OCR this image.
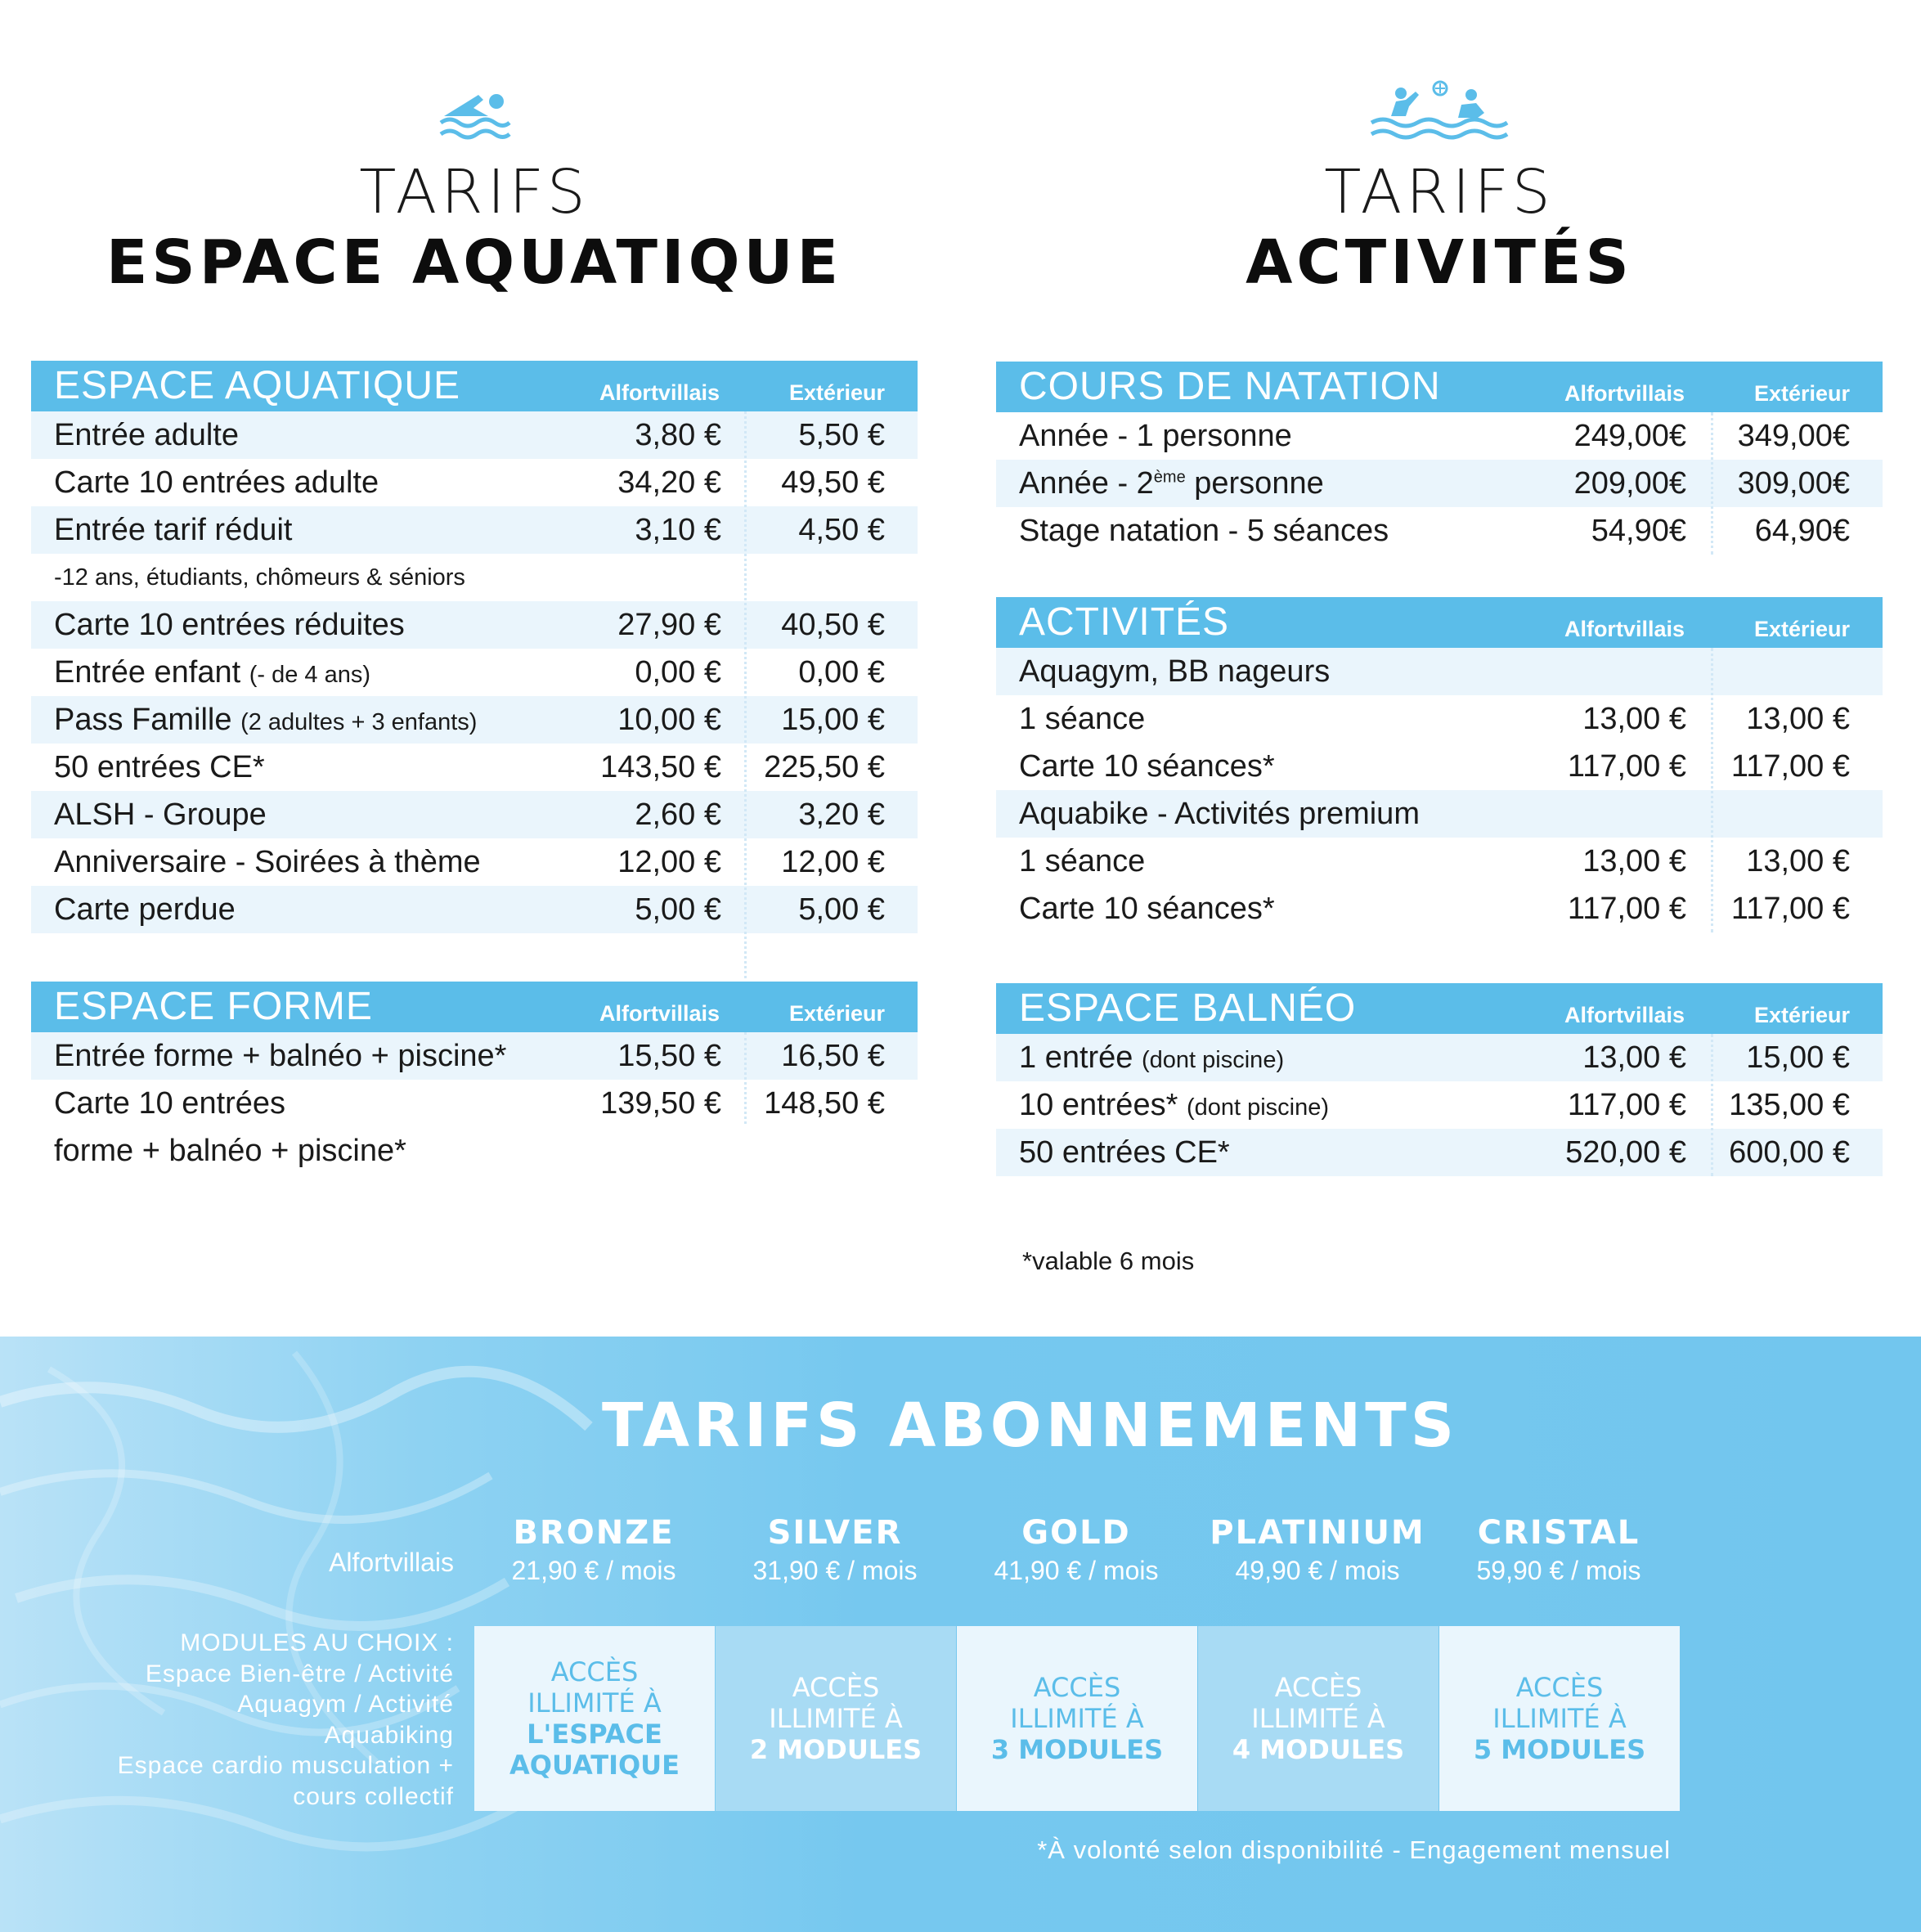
TARIFS
ESPACE AQUATIQUE
TARIFS
ACTIVITÉS
ESPACE AQUATIQUE	Alfortvillais	Extérieur
Entrée adulte	3,80 € 5,50 €
Carte 10 entrées adulte	34,20 € 49,50 €
Entrée tarif réduit	3,10 € 4,50 €
-12 ans, étudiants, chômeurs & séniors
Carte 10 entrées réduites	27,90 € 40,50 €
Entrée enfant (- de 4 ans)	0,00 € 0,00 €
Pass Famille (2 adultes + 3 enfants)	10,00 € 15,00 €
50 entrées CE*	143,50 € 225,50 €
ALSH - Groupe	2,60 € 3,20 €
Anniversaire - Soirées à thème	12,00 € 12,00 €
Carte perdue	5,00 € 5,00 €
ESPACE FORME	Alfortvillais	Extérieur
Entrée forme + balnéo + piscine*	15,50 € 16,50 €
Carte 10 entrées	139,50 € 148,50 €
forme + balnéo + piscine*
COURS DE NATATION	Alfortvillais	Extérieur
Année - 1 personne	249,00€ 349,00€
Année - 2ème personne	209,00€ 309,00€
Stage natation - 5 séances	54,90€ 64,90€
ACTIVITÉS	Alfortvillais	Extérieur
Aquagym, BB nageurs
1 séance	13,00 € 13,00 €
Carte 10 séances*	117,00 € 117,00 €
Aquabike - Activités premium
1 séance	13,00 € 13,00 €
Carte 10 séances*	117,00 € 117,00 €
ESPACE BALNÉO	Alfortvillais	Extérieur
1 entrée (dont piscine)	13,00 € 15,00 €
10 entrées* (dont piscine)	117,00 € 135,00 €
50 entrées CE*	520,00 € 600,00 €
*valable 6 mois
TARIFS ABONNEMENTS
Alfortvillais
BRONZE
21,90 € / mois
SILVER
31,90 € / mois
GOLD
41,90 € / mois
PLATINIUM
49,90 € / mois
CRISTAL
59,90 € / mois
MODULES AU CHOIX :
Espace Bien-être / Activité
Aquagym / Activité
Aquabiking
Espace cardio musculation +
cours collectif
ACCÈS
ILLIMITÉ À
L'ESPACE
AQUATIQUE
ACCÈS
ILLIMITÉ À
2 MODULES
ACCÈS
ILLIMITÉ À
3 MODULES
ACCÈS
ILLIMITÉ À
4 MODULES
ACCÈS
ILLIMITÉ À
5 MODULES
*À volonté selon disponibilité - Engagement mensuel
